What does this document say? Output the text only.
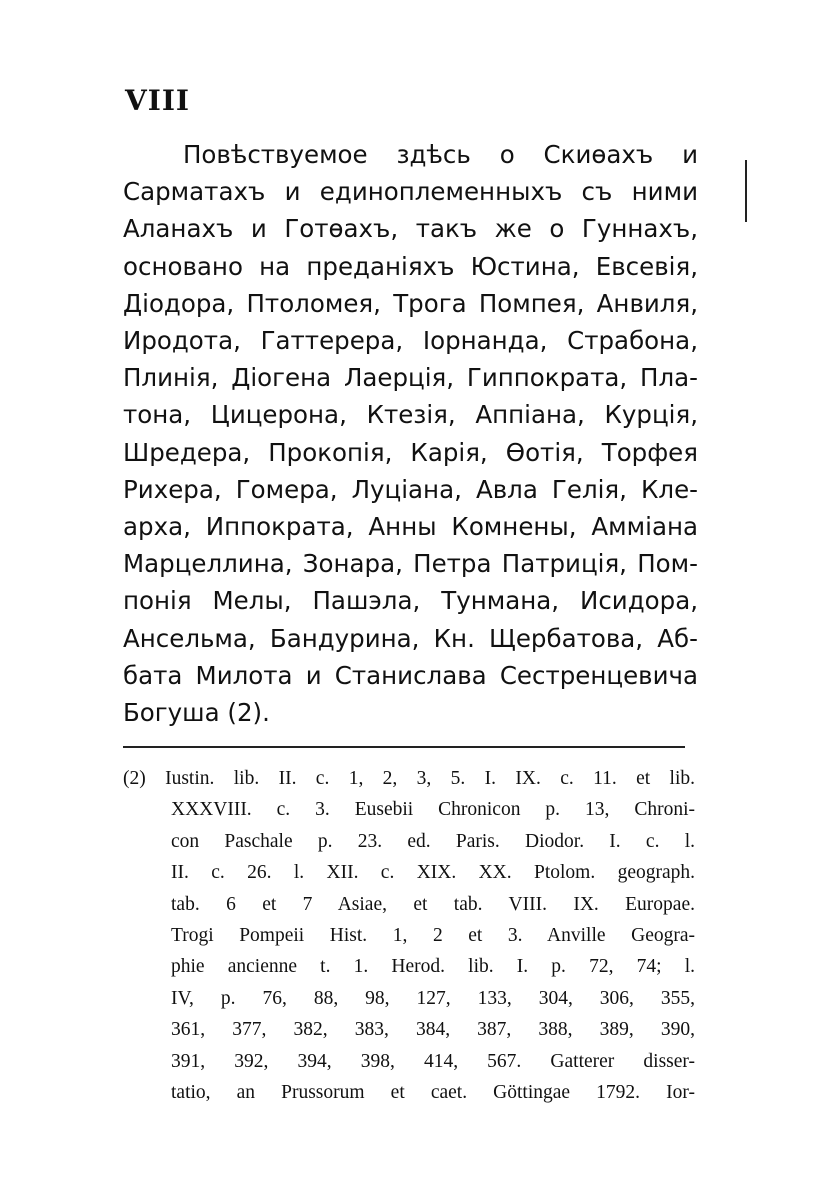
VIII
Повѣствуемое здѣсь о Скиѳахъ и
Сарматахъ и единоплеменныхъ съ ними
Аланахъ и Готѳахъ, такъ же о Гуннахъ,
основано на преданіяхъ Юстина, Евсевія,
Діодора, Птоломея, Трога Помпея, Анвиля,
Иродота, Гаттерера, Іорнанда, Страбона,
Плинія, Діогена Лаерція, Гиппократа, Пла-
тона, Цицерона, Ктезія, Аппіана, Курція,
Шредера, Прокопія, Карія, Ѳотія, Торфея
Рихера, Гомера, Луціана, Авла Гелія, Кле-
арха, Иппократа, Анны Комнены, Амміана
Марцеллина, Зонара, Петра Патриція, Пом-
понія Мелы, Пашэла, Тунмана, Исидора,
Ансельма, Бандурина, Кн. Щербатова, Аб-
бата Милота и Станислава Сестренцевича
Богуша (2).
(2) Iustin. lib. II. c. 1, 2, 3, 5. I. IX. c. 11. et lib.
XXXVIII. c. 3. Eusebii Chronicon p. 13, Chroni-
con Paschale p. 23. ed. Paris. Diodor. I. c. l.
II. c. 26. l. XII. c. XIX. XX. Ptolom. geograph.
tab. 6 et 7 Asiae, et tab. VIII. IX. Europae.
Trogi Pompeii Hist. 1, 2 et 3. Anville Geogra-
phie ancienne t. 1. Herod. lib. I. p. 72, 74; l.
IV, p. 76, 88, 98, 127, 133, 304, 306, 355,
361, 377, 382, 383, 384, 387, 388, 389, 390,
391, 392, 394, 398, 414, 567. Gatterer disser-
tatio, an Prussorum et caet. Göttingae 1792. Ior-
